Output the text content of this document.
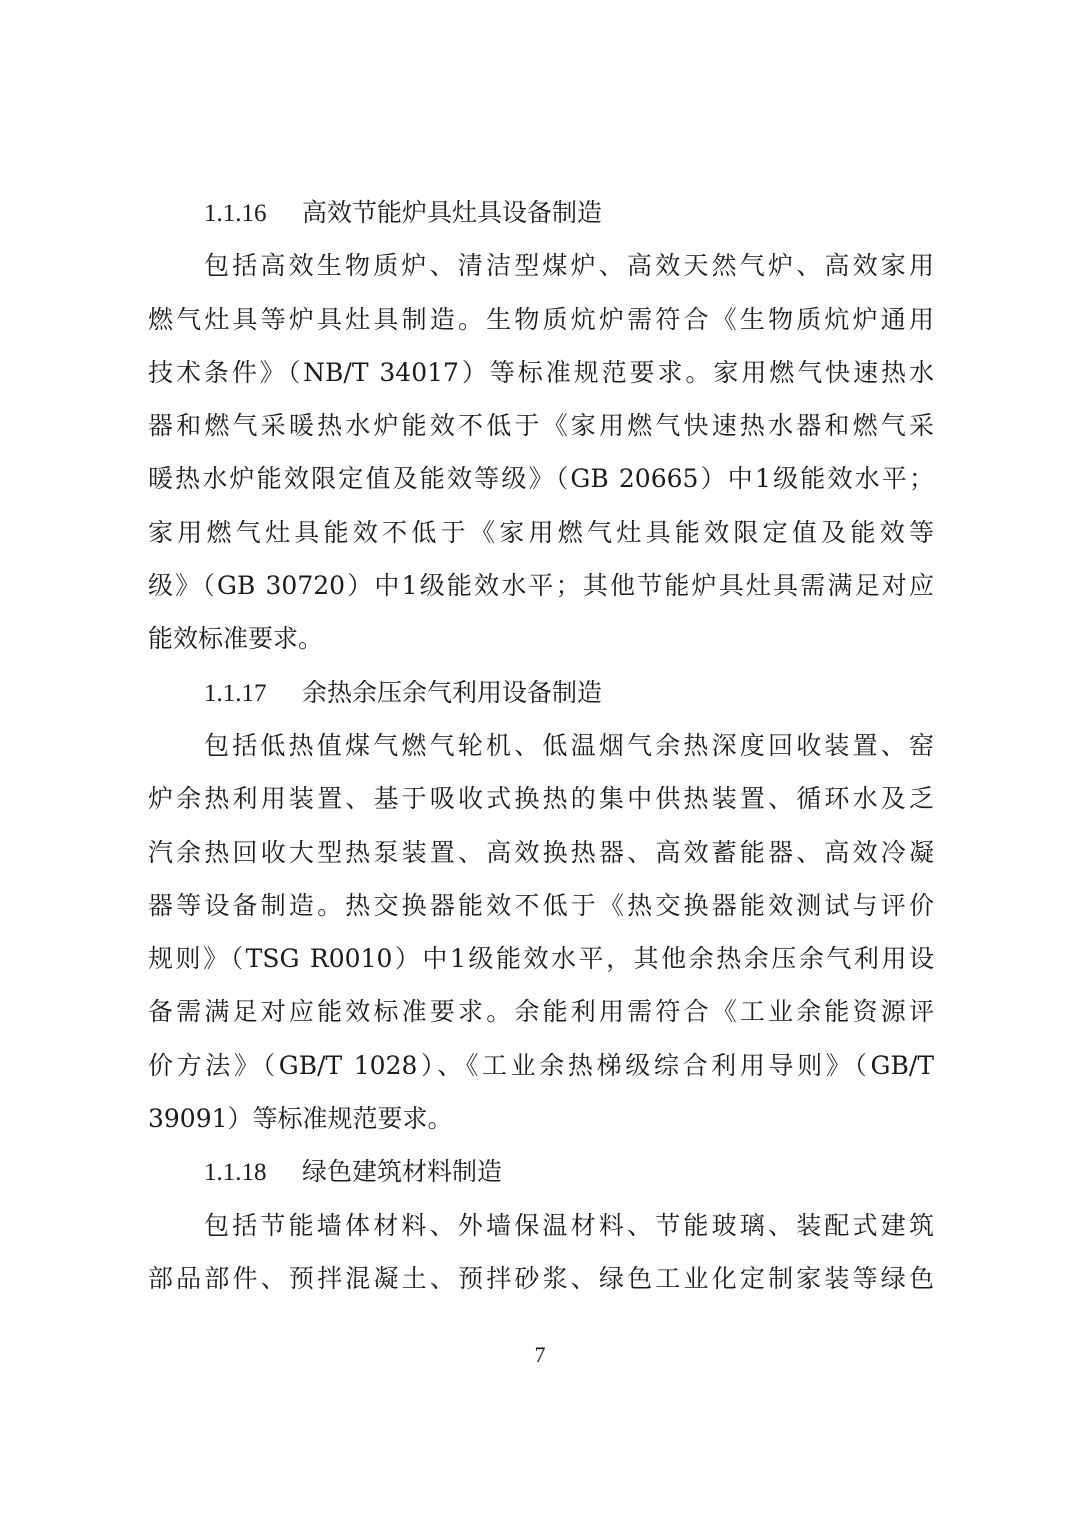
1.1.16 高效节能炉具灶具设备制造
包括高效生物质炉、清洁型煤炉、高效天然气炉、高效家用
燃气灶具等炉具灶具制造。生物质炕炉需符合《生物质炕炉通用
技术条件》（NB/T 34017）等标准规范要求。家用燃气快速热水
器和燃气采暖热水炉能效不低于《家用燃气快速热水器和燃气采
暖热水炉能效限定值及能效等级》（GB 20665）中1级能效水平；
家用燃气灶具能效不低于《家用燃气灶具能效限定值及能效等
级》（GB 30720）中1级能效水平；其他节能炉具灶具需满足对应
能效标准要求。
1.1.17 余热余压余气利用设备制造
包括低热值煤气燃气轮机、低温烟气余热深度回收装置、窑
炉余热利用装置、基于吸收式换热的集中供热装置、循环水及乏
汽余热回收大型热泵装置、高效换热器、高效蓄能器、高效冷凝
器等设备制造。热交换器能效不低于《热交换器能效测试与评价
规则》（TSG R0010）中1级能效水平，其他余热余压余气利用设
备需满足对应能效标准要求。余能利用需符合《工业余能资源评
价方法》（GB/T 1028）、《工业余热梯级综合利用导则》（GB/T
39091）等标准规范要求。
1.1.18 绿色建筑材料制造
包括节能墙体材料、外墙保温材料、节能玻璃、装配式建筑
部品部件、预拌混凝土、预拌砂浆、绿色工业化定制家装等绿色
7
